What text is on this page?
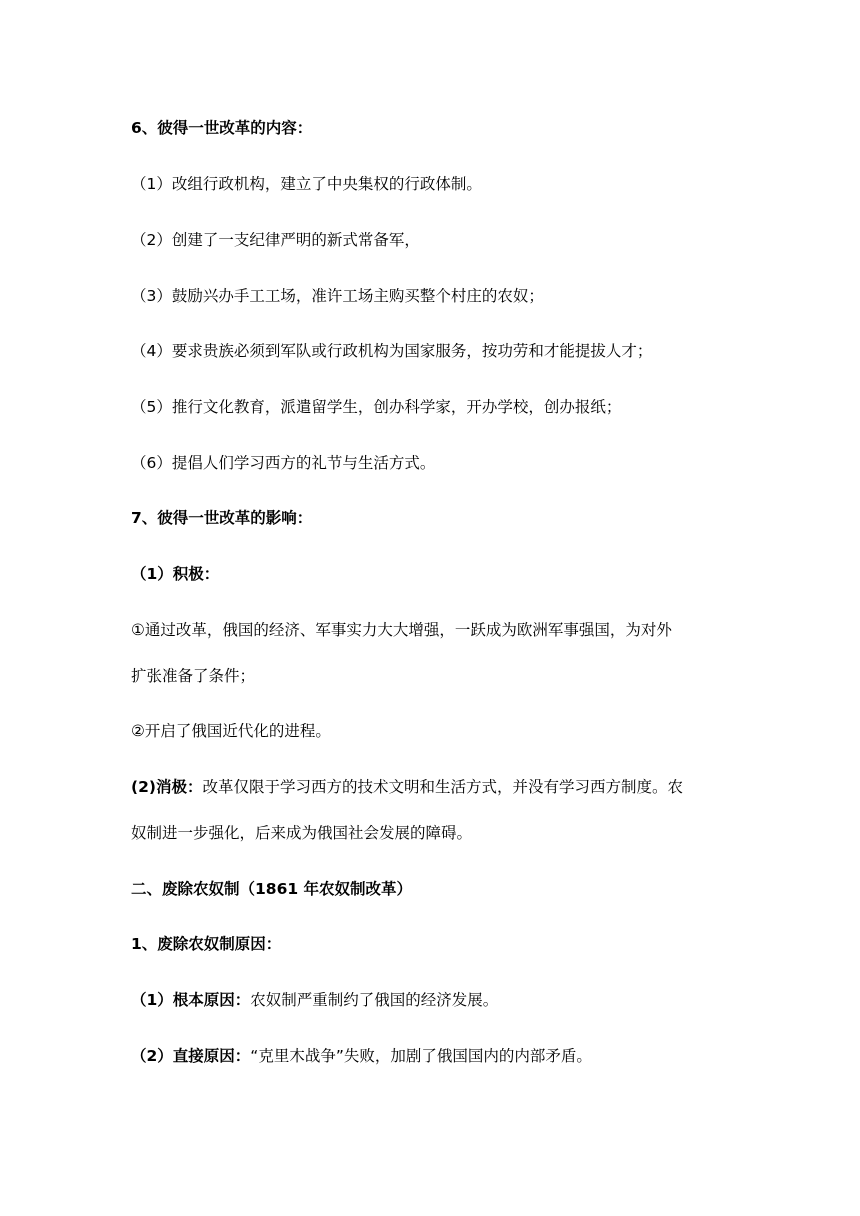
6、彼得一世改革的内容：
（1）改组行政机构，建立了中央集权的行政体制。
（2）创建了一支纪律严明的新式常备军，
（3）鼓励兴办手工工场，准许工场主购买整个村庄的农奴；
（4）要求贵族必须到军队或行政机构为国家服务，按功劳和才能提拔人才；
（5）推行文化教育，派遣留学生，创办科学家，开办学校，创办报纸；
（6）提倡人们学习西方的礼节与生活方式。
7、彼得一世改革的影响：
（1）积极：
①通过改革，俄国的经济、军事实力大大增强，一跃成为欧洲军事强国，为对外
扩张准备了条件；
②开启了俄国近代化的进程。
(2)消极：改革仅限于学习西方的技术文明和生活方式，并没有学习西方制度。农
奴制进一步强化，后来成为俄国社会发展的障碍。
二、废除农奴制（1861 年农奴制改革）
1、废除农奴制原因：
（1）根本原因：农奴制严重制约了俄国的经济发展。
（2）直接原因：“克里木战争”失败，加剧了俄国国内的内部矛盾。
